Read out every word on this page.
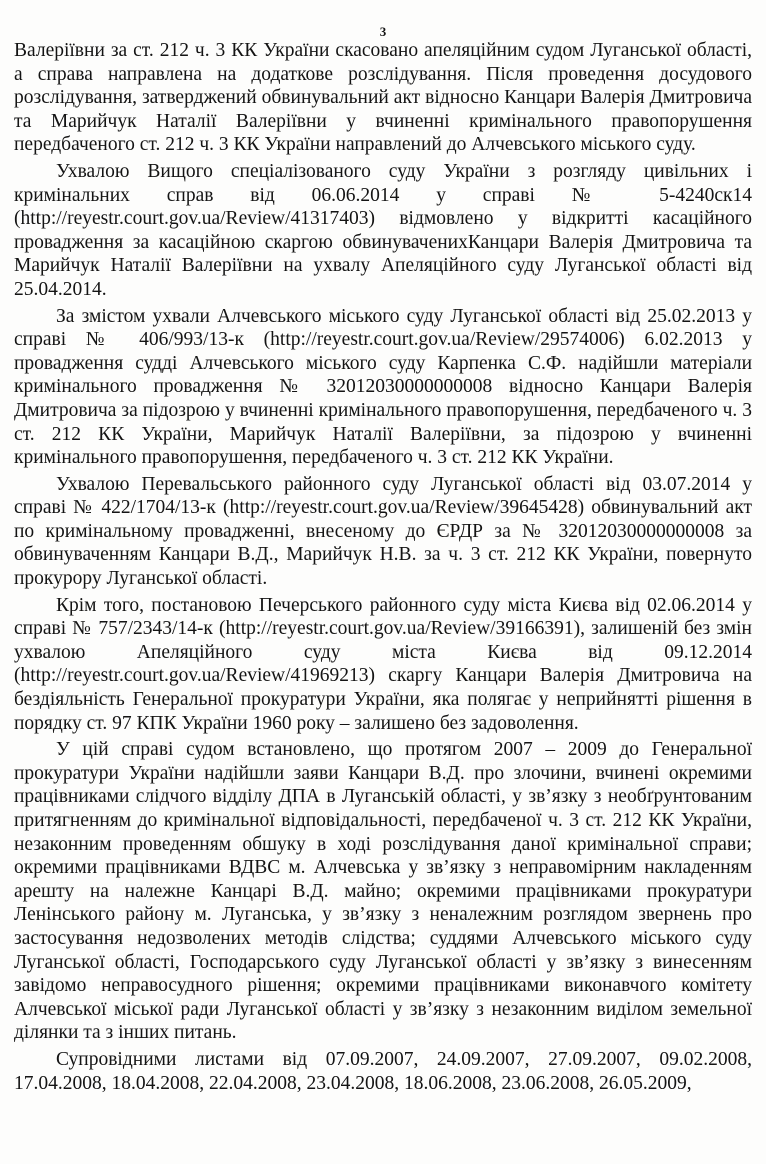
3

Валеріївни за ст. 212 ч. 3 КК України скасовано апеляційним судом Луганської області, а справа направлена на додаткове розслідування. Після проведення досудового розслідування, затверджений обвинувальний акт відносно Канцари Валерія Дмитровича та Марийчук Наталії Валеріївни у вчиненні кримінального правопорушення передбаченого ст. 212 ч. 3 КК України направлений до Алчевського міського суду.

Ухвалою Вищого спеціалізованого суду України з розгляду цивільних і кримінальних справ від 06.06.2014 у справі № 5-4240ск14 (http://reyestr.court.gov.ua/Review/41317403) відмовлено у відкритті касаційного провадження за касаційною скаргою обвинуваченихКанцари Валерія Дмитровича та Марийчук Наталії Валеріївни на ухвалу Апеляційного суду Луганської області від 25.04.2014.

За змістом ухвали Алчевського міського суду Луганської області від 25.02.2013 у справі № 406/993/13-к (http://reyestr.court.gov.ua/Review/29574006) 6.02.2013 у провадження судді Алчевського міського суду Карпенка С.Ф. надійшли матеріали кримінального провадження № 32012030000000008 відносно Канцари Валерія Дмитровича за підозрою у вчиненні кримінального правопорушення, передбаченого ч. 3 ст. 212 КК України, Марийчук Наталії Валеріївни, за підозрою у вчиненні кримінального правопорушення, передбаченого ч. 3 ст. 212 КК України.

Ухвалою Перевальського районного суду Луганської області від 03.07.2014 у справі № 422/1704/13-к (http://reyestr.court.gov.ua/Review/39645428) обвинувальний акт по кримінальному провадженні, внесеному до ЄРДР за № 32012030000000008 за обвинуваченням Канцари В.Д., Марийчук Н.В. за ч. 3 ст. 212 КК України, повернуто прокурору Луганської області.

Крім того, постановою Печерського районного суду міста Києва від 02.06.2014 у справі № 757/2343/14-к (http://reyestr.court.gov.ua/Review/39166391), залишеній без змін ухвалою Апеляційного суду міста Києва від 09.12.2014 (http://reyestr.court.gov.ua/Review/41969213) скаргу Канцари Валерія Дмитровича на бездіяльність Генеральної прокуратури України, яка полягає у неприйнятті рішення в порядку ст. 97 КПК України 1960 року – залишено без задоволення.

У цій справі судом встановлено, що протягом 2007 – 2009 до Генеральної прокуратури України надійшли заяви Канцари В.Д. про злочини, вчинені окремими працівниками слідчого відділу ДПА в Луганській області, у зв’язку з необґрунтованим притягненням до кримінальної відповідальності, передбаченої ч. 3 ст. 212 КК України, незаконним проведенням обшуку в ході розслідування даної кримінальної справи; окремими працівниками ВДВС м. Алчевська у зв’язку з неправомірним накладенням арешту на належне Канцарі В.Д. майно; окремими працівниками прокуратури Ленінського району м. Луганська, у зв’язку з неналежним розглядом звернень про застосування недозволених методів слідства; суддями Алчевського міського суду Луганської області, Господарського суду Луганської області у зв’язку з винесенням завідомо неправосудного рішення; окремими працівниками виконавчого комітету Алчевської міської ради Луганської області у зв’язку з незаконним виділом земельної ділянки та з інших питань.

Супровідними листами від 07.09.2007, 24.09.2007, 27.09.2007, 09.02.2008, 17.04.2008, 18.04.2008, 22.04.2008, 23.04.2008, 18.06.2008, 23.06.2008, 26.05.2009,
